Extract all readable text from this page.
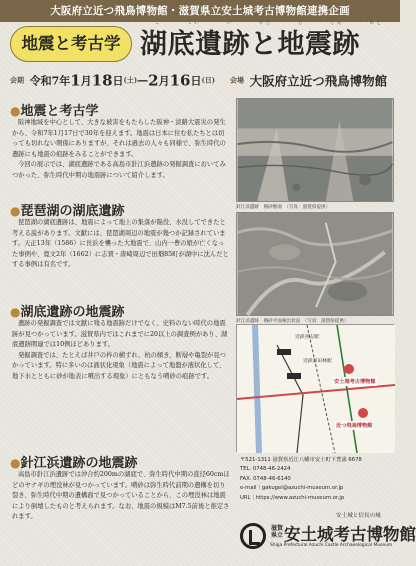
大阪府立近つ飛鳥博物館・滋賀県立安土城考古博物館連携企画
地震と考古学
こ	てい	い	せき	じ	しん	あと
湖底遺跡と地震跡
会期 令和7年1月18日(土)—2月16日(日) 会場 大阪府立近つ飛鳥博物館
●地震と考古学

阪神地域を中心として、大きな被害をもたらした阪神・淡路大震災の発生から、令和7年1月17日で30年を迎えます。地震は日本に住む私たちとは切っても切れない関係にありますが、それは過去の人々も同様で、弥生時代の遺跡にも地震の痕跡をみることができます。

今回の展示では、湖底遺跡である高島市針江浜遺跡の発掘調査においてみつかった、弥生時代中期の地震跡について紹介します。

●琵琶湖の湖底遺跡

琵琶湖の湖底遺跡は、地震によって地上の集落が陥没、水没してできたと考える説があります。文献には、琵琶湖周辺の地震が幾つか記録されています。天正13年（1586）に長浜を襲った大地震で、山内一豊の娘が亡くなった事例や、寛文2年（1662）に志賀・唐崎周辺で田畑85町が湖中に沈んだとする事例は有名です。

●湖底遺跡の地震跡

遺跡の発掘調査では文献に残る地震跡だけでなく、史料のない時代の地震跡が見つかっています。滋賀県内ではこれまでに20以上の調査例があり、湖底遺跡関連では10例ほどあります。

発掘調査では、たとえば井戸の枠の横ずれ、杭の傾き、断層や亀裂が見つかっています。特に多いのは液状化現象（地震によって地盤が液状化して、地下水とともに砂が地表に噴出する現象）にともなう噴砂の痕跡です。

●針江浜遺跡の地震跡

高島市針江浜遺跡では沖合約200mの湖底で、弥生時代中期の直径60cmほどのヤナギの埋没林が見つかっています。噴砂は弥生時代前期の遺構を切り裂き、弥生時代中期の遺構面で見つかっていることから、この埋没林は地震により倒壊したものと考えられます。なお、地震の規模はM7.5前後と推定されます。

針江浜遺跡　噴砂断面　（写真：滋賀県提供）
針江浜遺跡　噴砂平面検出状況　（写真：滋賀県提供）
近鉄喜志駅
近鉄富田林駅
安土城考古博物館
近つ飛鳥博物館
〒521-1311 滋賀県近江八幡市安土町下豊浦 6678
TEL. 0748-46-2424
FAX. 0748-46-6140
e-mail｜gakugei@azuchi-museum.or.jp
URL｜https://www.azuchi-museum.or.jp
安土城と信長の城
滋賀県立 安土城考古博物館
Shiga Prefectural Azuchi Castle Archaeological Museum
